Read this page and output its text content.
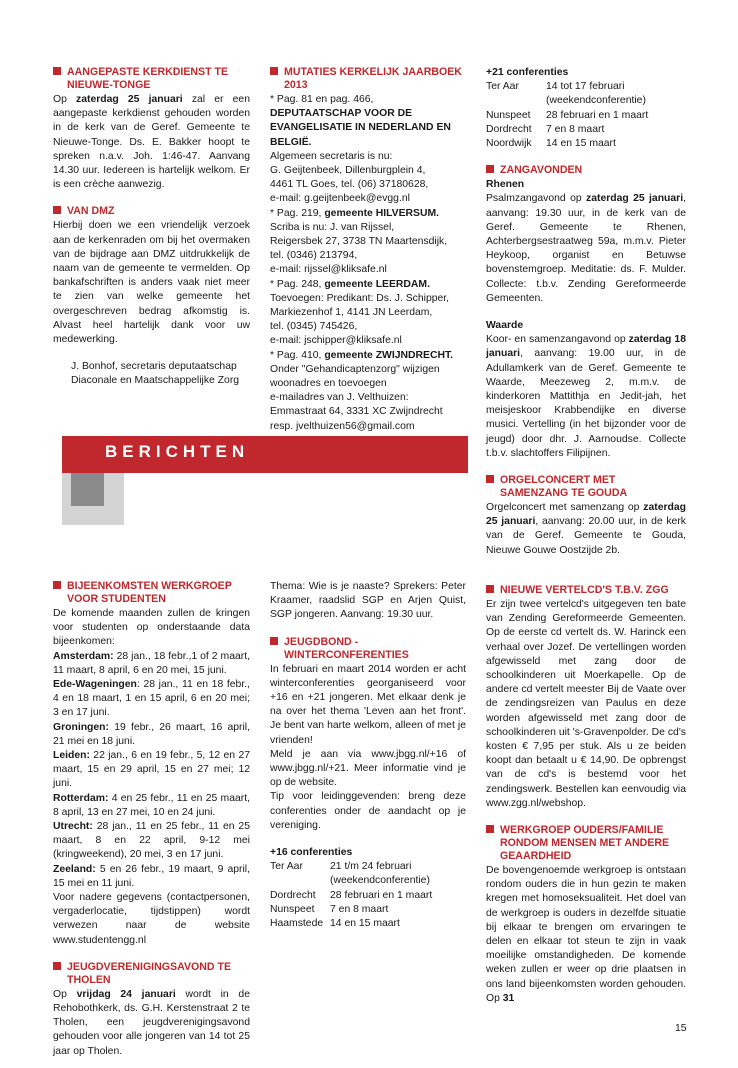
BERICHTEN
AANGEPASTE KERKDIENST TE NIEUWE-TONGE

Op zaterdag 25 januari zal er een aangepaste kerkdienst gehouden worden in de kerk van de Geref. Gemeente te Nieuwe-Tonge. Ds. E. Bakker hoopt te spreken n.a.v. Joh. 1:46-47. Aanvang 14.30 uur. Iedereen is hartelijk welkom. Er is een crèche aanwezig.

VAN DMZ

Hierbij doen we een vriendelijk verzoek aan de kerkenraden om bij het overmaken van de bijdrage aan DMZ uitdrukkelijk de naam van de gemeente te vermelden. Op bankafschriften is anders vaak niet meer te zien van welke gemeente het overgeschreven bedrag afkomstig is. Alvast heel hartelijk dank voor uw medewerking.

J. Bonhof, secretaris deputaatschap

Diaconale en Maatschappelijke Zorg

MUTATIES KERKELIJK JAARBOEK 2013

* Pag. 81 en pag. 466, DEPUTAATSCHAP VOOR DE EVANGELISATIE IN NEDERLAND EN BELGIË.

Algemeen secretaris is nu:

G. Geijtenbeek, Dillenburgplein 4,

4461 TL Goes, tel. (06) 37180628,

e-mail: g.geijtenbeek@evgg.nl

* Pag. 219, gemeente HILVERSUM.

Scriba is nu: J. van Rijssel,

Reigersbek 27, 3738 TN Maartensdijk,

tel. (0346) 213794,

e-mail: rijssel@kliksafe.nl

* Pag. 248, gemeente LEERDAM.

Toevoegen: Predikant: Ds. J. Schipper,

Markiezenhof 1, 4141 JN Leerdam,

tel. (0345) 745426,

e-mail: jschipper@kliksafe.nl

* Pag. 410, gemeente ZWIJNDRECHT.

Onder "Gehandicaptenzorg" wijzigen

woonadres en toevoegen

e-mailadres van J. Velthuizen:

Emmastraat 64, 3331 XC Zwijndrecht

resp. jvelthuizen56@gmail.com

+21 conferenties

Ter Aar	14 tot 17 februari (weekendconferentie)
Nunspeet	28 februari en 1 maart
Dordrecht	7 en 8 maart
Noordwijk	14 en 15 maart
ZANGAVONDEN

Rhenen

Psalmzangavond op zaterdag 25 januari, aanvang: 19.30 uur, in de kerk van de Geref. Gemeente te Rhenen, Achterbergsestraatweg 59a, m.m.v. Pieter Heykoop, organist en Betuwse bovenstemgroep. Meditatie: ds. F. Mulder. Collecte: t.b.v. Zending Gereformeerde Gemeenten.

Waarde

Koor- en samenzangavond op zaterdag 18 januari, aanvang: 19.00 uur, in de Adullamkerk van de Geref. Gemeente te Waarde, Meezeweg 2, m.m.v. de kinderkoren Mattithja en Jedit-jah, het meisjeskoor Krabbendijke en diverse musici. Vertelling (in het bijzonder voor de jeugd) door dhr. J. Aarnoudse. Collecte t.b.v. slachtoffers Filipijnen.

ORGELCONCERT MET SAMENZANG TE GOUDA

Orgelconcert met samenzang op zaterdag 25 januari, aanvang: 20.00 uur, in de kerk van de Geref. Gemeente te Gouda, Nieuwe Gouwe Oostzijde 2b.

NIEUWE VERTELCD'S T.B.V. ZGG

Er zijn twee vertelcd's uitgegeven ten bate van Zending Gereformeerde Gemeenten. Op de eerste cd vertelt ds. W. Harinck een verhaal over Jozef. De vertellingen worden afgewisseld met zang door de schoolkinderen uit Moerkapelle. Op de andere cd vertelt meester Bij de Vaate over de zendingsreizen van Paulus en deze worden afgewisseld met zang door de schoolkinderen uit 's-Gravenpolder. De cd's kosten € 7,95 per stuk. Als u ze beiden koopt dan betaalt u € 14,90. De opbrengst van de cd's is bestemd voor het zendingswerk. Bestellen kan eenvoudig via www.zgg.nl/webshop.

WERKGROEP OUDERS/FAMILIE RONDOM MENSEN MET ANDERE GEAARDHEID

De bovengenoemde werkgroep is ontstaan rondom ouders die in hun gezin te maken kregen met homoseksualiteit. Het doel van de werkgroep is ouders in dezelfde situatie bij elkaar te brengen om ervaringen te delen en elkaar tot steun te zijn in vaak moeilijke omstandigheden. De komende weken zullen er weer op drie plaatsen in ons land bijeenkomsten worden gehouden. Op 31

BIJEENKOMSTEN WERKGROEP VOOR STUDENTEN

De komende maanden zullen de kringen voor studenten op onderstaande data bijeenkomen:

Amsterdam: 28 jan., 18 febr.,1 of 2 maart, 11 maart, 8 april, 6 en 20 mei, 15 juni.

Ede-Wageningen: 28 jan., 11 en 18 febr., 4 en 18 maart, 1 en 15 april, 6 en 20 mei; 3 en 17 juni.

Groningen: 19 febr., 26 maart, 16 april, 21 mei en 18 juni.

Leiden: 22 jan., 6 en 19 febr., 5, 12 en 27 maart, 15 en 29 april, 15 en 27 mei; 12 juni.

Rotterdam: 4 en 25 febr., 11 en 25 maart, 8 april, 13 en 27 mei, 10 en 24 juni.

Utrecht: 28 jan., 11 en 25 febr., 11 en 25 maart, 8 en 22 april, 9-12 mei (kringweekend), 20 mei, 3 en 17 juni.

Zeeland: 5 en 26 febr., 19 maart, 9 april, 15 mei en 11 juni.

Voor nadere gegevens (contactpersonen, vergaderlocatie, tijdstippen) wordt verwezen naar de website www.studentengg.nl

JEUGDVERENIGINGSAVOND TE THOLEN

Op vrijdag 24 januari wordt in de Rehobothkerk, ds. G.H. Kerstenstraat 2 te Tholen, een jeugdverenigingsavond gehouden voor alle jongeren van 14 tot 25 jaar op Tholen.

Thema: Wie is je naaste? Sprekers: Peter Kraamer, raadslid SGP en Arjen Quist, SGP jongeren. Aanvang: 19.30 uur.

JEUGDBOND - WINTERCONFERENTIES

In februari en maart 2014 worden er acht winterconferenties georganiseerd voor +16 en +21 jongeren. Met elkaar denk je na over het thema 'Leven aan het front'. Je bent van harte welkom, alleen of met je vrienden!

Meld je aan via www.jbgg.nl/+16 of www.jbgg.nl/+21. Meer informatie vind je op de website.

Tip voor leidinggevenden: breng deze conferenties onder de aandacht op je vereniging.

+16 conferenties

Ter Aar	21 t/m 24 februari (weekendconferentie)
Dordrecht	28 februari en 1 maart
Nunspeet	7 en 8 maart
Haamstede	14 en 15 maart
15
